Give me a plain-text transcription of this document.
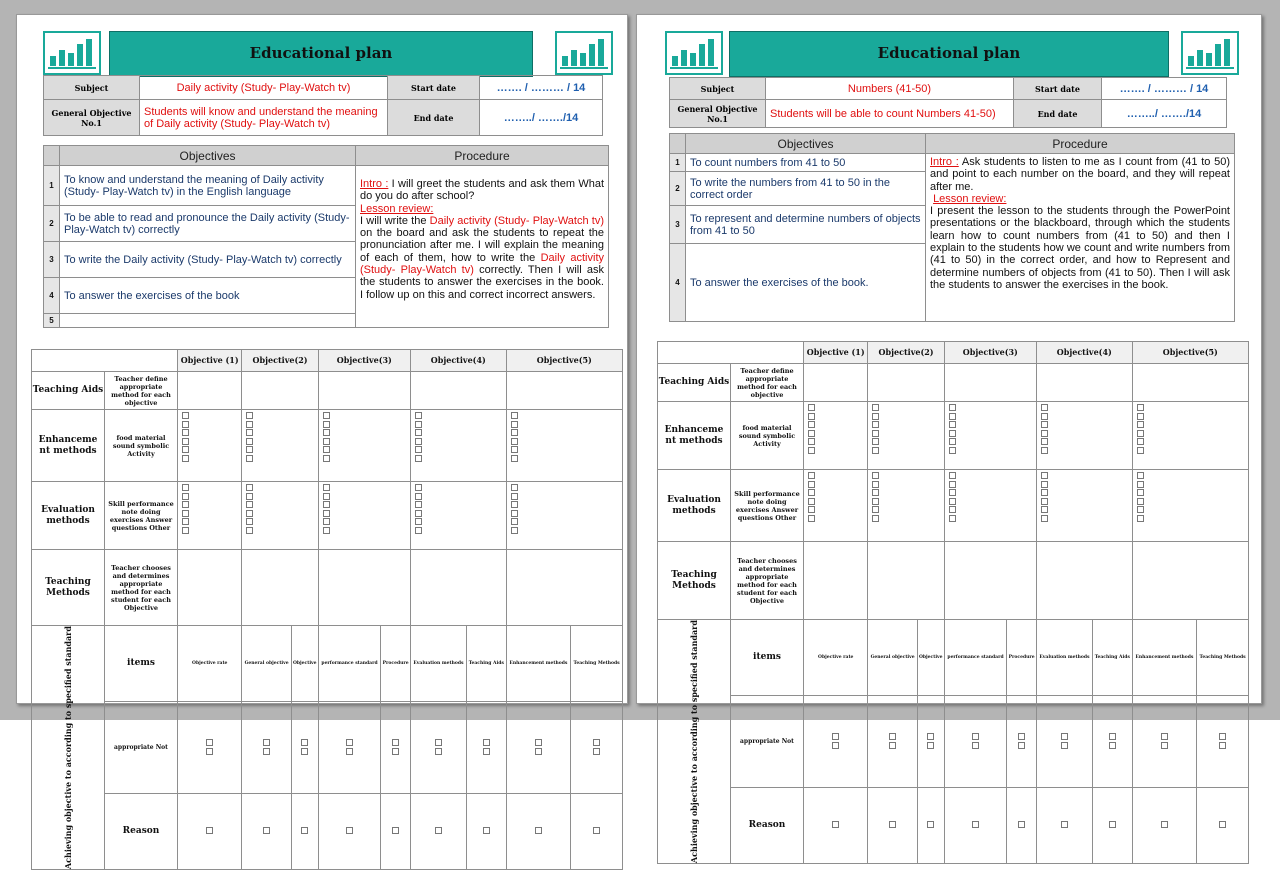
Educational plan
Subject	Daily activity (Study- Play-Watch tv)	Start date	……. / ……… / 14
General Objective No.1	Students will know and understand the meaning of Daily activity (Study- Play-Watch tv)	End date	……../ ……./14
	Objectives	Procedure
1	To know and understand the meaning of Daily activity (Study- Play-Watch tv) in the English language	Intro : I will greet the students and ask them What do you do after school?
Lesson review:
I will write the Daily activity (Study- Play-Watch tv) on the board and ask the students to repeat the pronunciation after me. I will explain the meaning of each of them, how to write the Daily activity (Study- Play-Watch tv) correctly. Then I will ask the students to answer the exercises in the book. I follow up on this and correct incorrect answers.
2	To be able to read and pronounce the Daily activity (Study- Play-Watch tv) correctly	
3	To write the Daily activity (Study- Play-Watch tv) correctly	
4	To answer the exercises of the book	
5		
		Objective (1)	Objective(2)		Objective(3)		Objective(4)		Objective(5)	
Teaching Aids	Teacher define appropriate method for each objective									
Enhanceme nt methods	food material sound symbolic Activity					

Evaluation methods	Skill performance note doing exercises Answer questions Other					

Teaching Methods	Teacher chooses and determines appropriate method for each student for each Objective									

Achieving objective to according to specified standard	items	Objective rate	General objective	Objective	performance standard	Procedure	Evaluation methods	Teaching Aids	Enhancement methods	Teaching Methods
	appropriate Not	

	Reason									
Educational plan
Subject	Numbers (41-50)	Start date	……. / ……… / 14
General Objective No.1	Students will be able to count Numbers 41-50)	End date	……../ ……./14
	Objectives	Procedure
1	To count numbers from 41 to 50	Intro : Ask students to listen to me as I count from (41 to 50) and point to each number on the board, and they will repeat after me.
Lesson review:
I present the lesson to the students through the PowerPoint presentations or the blackboard, through which the students learn how to count numbers from (41 to 50) and then I explain to the students how we count and write numbers from (41 to 50) in the correct order, and how to Represent and determine numbers of objects from (41 to 50). Then I will ask the students to answer the exercises in the book.
2	To write the numbers from 41 to 50 in the correct order	
3	To represent and determine numbers of objects from 41 to 50	
4	To answer the exercises of the book.	
		Objective (1)	Objective(2)		Objective(3)		Objective(4)		Objective(5)	
Teaching Aids	Teacher define appropriate method for each objective									
Enhanceme nt methods	food material sound symbolic Activity					

Evaluation methods	Skill performance note doing exercises Answer questions Other					

Teaching Methods	Teacher chooses and determines appropriate method for each student for each Objective									

Achieving objective to according to specified standard	items	Objective rate	General objective	Objective	performance standard	Procedure	Evaluation methods	Teaching Aids	Enhancement methods	Teaching Methods
	appropriate Not	

	Reason									
